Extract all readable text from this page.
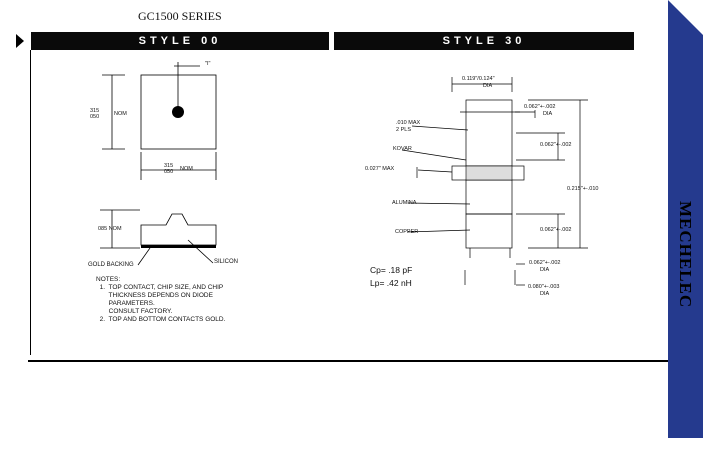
GC1500 SERIES
STYLE 00	STYLE 30
MECHELEC
"I"
315
050	NOM
315
050 NOM
085 NOM
GOLD BACKING	SILICON
NOTES:
1.  TOP CONTACT, CHIP SIZE, AND CHIP
THICKNESS DEPENDS ON DIODE
PARAMETERS.
CONSULT FACTORY.
2.  TOP AND BOTTOM CONTACTS GOLD.
0.119"/0.124"
DIA
0.062"+-.002
DIA
.010 MAX
2 PLS
0.062"+-.002
KOVAR
0.027" MAX
0.215"+-.010
ALUMINA
0.062"+-.002
COPPER
0.062"+-.002
DIA
Cp= .18 pF
Lp= .42 nH	0.080"+-.003
DIA
